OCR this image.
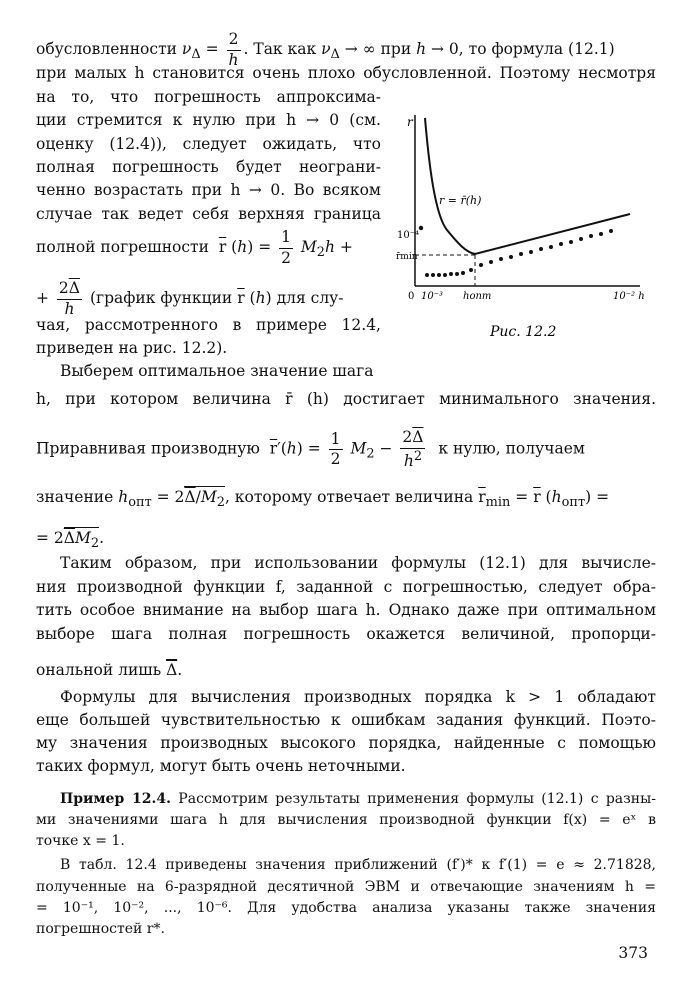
обусловленности $\nu_\Delta = \frac{2}{h}$ . Так как $\nu_\Delta$ → ∞ при h → 0, то формула (12.1)
при малых h становится очень плохо обусловленной. Поэтому несмотря
на то, что погрешность аппроксима-
ции стремится к нулю при h → 0 (см.
оценку (12.4)), следует ожидать, что
полная погрешность будет неограни-
ченно возрастать при h → 0. Во всяком
случае так ведет себя верхняя граница
полной погрешности $\overline{r}$ $(h) = \frac{1}{2} M_2h$ +
+ $\frac{2\overline{\Delta}}{h}$ (график функции $\overline{r}$ (h) для слу-
чая, рассмотренного в примере 12.4,
приведен на рис. 12.2).
Выберем оптимальное значение шага
h, при котором величина r̄ (h) достигает минимального значения.
Приравнивая производную $\overline{r}'(h) = \frac{1}{2} M_2 - \frac{2\overline{\Delta}}{h^2}$ к нулю, получаем
значение $h_{опт} = 2\overline{\Delta}/M_2$, которому отвечает величина $\overline{r}_{min} = \overline{r}$ $(h_{опт})$ =
= $2\overline{\Delta}M_2$.
Таким образом, при использовании формулы (12.1) для вычисле-
ния производной функции f, заданной с погрешностью, следует обра-
тить особое внимание на выбор шага h. Однако даже при оптимальном
выборе шага полная погрешность окажется величиной, пропорци-
ональной лишь $\overline{\Delta}$.
Формулы для вычисления производных порядка k > 1 обладают
еще большей чувствительностью к ошибкам задания функций. Поэто-
му значения производных высокого порядка, найденные с помощью
таких формул, могут быть очень неточными.
Пример 12.4. Рассмотрим результаты применения формулы (12.1) с разны-
ми значениями шага h для вычисления производной функции f(x) = eˣ в
точке x = 1.
В табл. 12.4 приведены значения приближений (f′)* к f′(1) = e ≈ 2.71828,
полученные на 6-разрядной десятичной ЭВМ и отвечающие значениям h =
= 10⁻¹, 10⁻², ..., 10⁻⁶. Для удобства анализа указаны также значения
погрешностей r*.
373
r
r = r̄(h)
10⁻⁴
r̄min
0 10⁻³ hопт	10⁻² h
Рис. 12.2
